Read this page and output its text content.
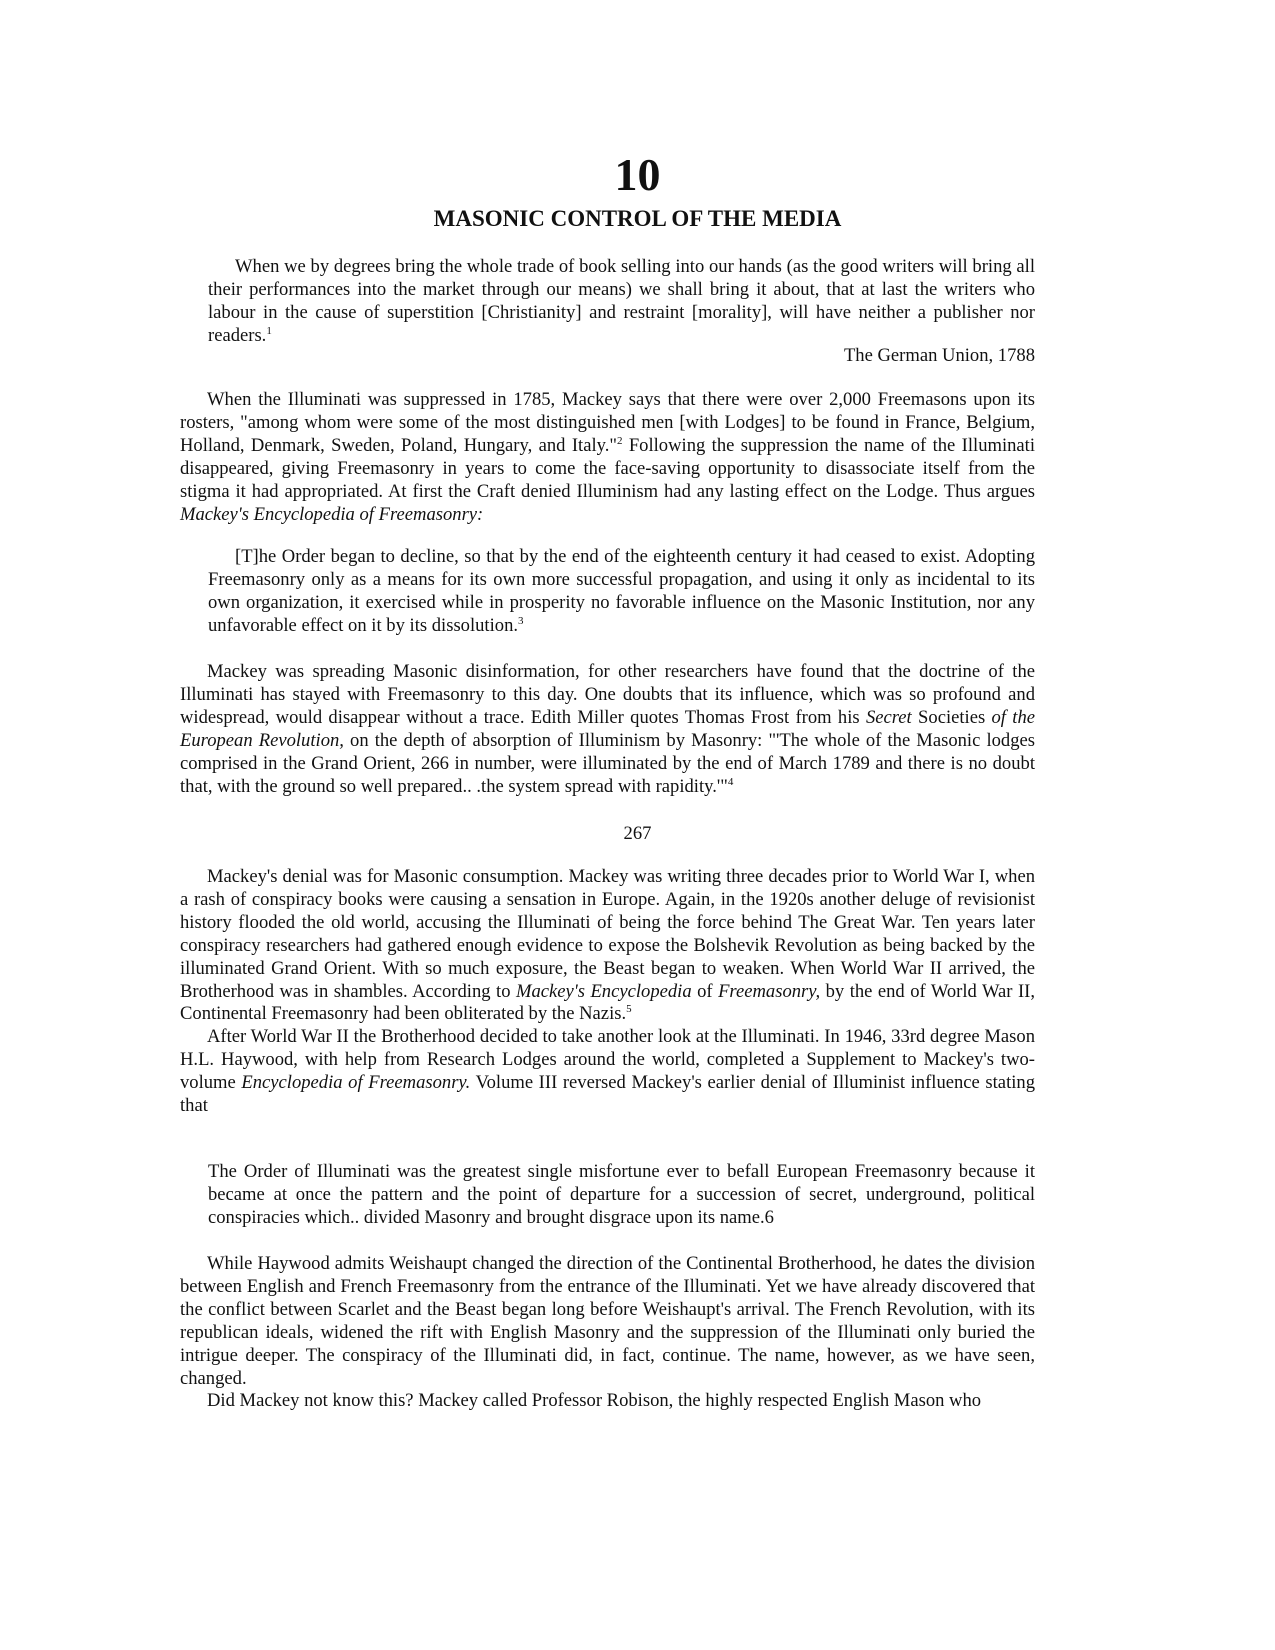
10
MASONIC CONTROL OF THE MEDIA

When we by degrees bring the whole trade of book selling into our hands (as the good writers will bring all their performances into the market through our means) we shall bring it about, that at last the writers who labour in the cause of superstition [Christianity] and restraint [morality], will have neither a publisher nor readers.$^1$

The German Union, 1788

When the Illuminati was suppressed in 1785, Mackey says that there were over 2,000 Freemasons upon its rosters, "among whom were some of the most distinguished men [with Lodges] to be found in France, Belgium, Holland, Denmark, Sweden, Poland, Hungary, and Italy."$^2$ Following the suppression the name of the Illuminati disappeared, giving Freemasonry in years to come the face-saving opportunity to disassociate itself from the stigma it had appropriated. At first the Craft denied Illuminism had any lasting effect on the Lodge. Thus argues Mackey's Encyclopedia of Freemasonry:

[T]he Order began to decline, so that by the end of the eighteenth century it had ceased to exist. Adopting Freemasonry only as a means for its own more successful propagation, and using it only as incidental to its own organization, it exercised while in prosperity no favorable influence on the Masonic Institution, nor any unfavorable effect on it by its dissolution.$^3$

Mackey was spreading Masonic disinformation, for other researchers have found that the doctrine of the Illuminati has stayed with Freemasonry to this day. One doubts that its influence, which was so profound and widespread, would disappear without a trace. Edith Miller quotes Thomas Frost from his Secret Societies of the European Revolution, on the depth of absorption of Illuminism by Masonry: "'The whole of the Masonic lodges comprised in the Grand Orient, 266 in number, were illuminated by the end of March 1789 and there is no doubt that, with the ground so well prepared.. .the system spread with rapidity.'"$^4$

267

Mackey's denial was for Masonic consumption. Mackey was writing three decades prior to World War I, when a rash of conspiracy books were causing a sensation in Europe. Again, in the 1920s another deluge of revisionist history flooded the old world, accusing the Illuminati of being the force behind The Great War. Ten years later conspiracy researchers had gathered enough evidence to expose the Bolshevik Revolution as being backed by the illuminated Grand Orient. With so much exposure, the Beast began to weaken. When World War II arrived, the Brotherhood was in shambles. According to Mackey's Encyclopedia of Freemasonry, by the end of World War II, Continental Freemasonry had been obliterated by the Nazis.$^5$

After World War II the Brotherhood decided to take another look at the Illuminati. In 1946, 33rd degree Mason H.L. Haywood, with help from Research Lodges around the world, completed a Supplement to Mackey's two-volume Encyclopedia of Freemasonry. Volume III reversed Mackey's earlier denial of Illuminist influence stating that

The Order of Illuminati was the greatest single misfortune ever to befall European Freemasonry because it became at once the pattern and the point of departure for a succession of secret, underground, political conspiracies which.. divided Masonry and brought disgrace upon its name.6

While Haywood admits Weishaupt changed the direction of the Continental Brotherhood, he dates the division between English and French Freemasonry from the entrance of the Illuminati. Yet we have already discovered that the conflict between Scarlet and the Beast began long before Weishaupt's arrival. The French Revolution, with its republican ideals, widened the rift with English Masonry and the suppression of the Illuminati only buried the intrigue deeper. The conspiracy of the Illuminati did, in fact, continue. The name, however, as we have seen, changed.

Did Mackey not know this? Mackey called Professor Robison, the highly respected English Mason who
